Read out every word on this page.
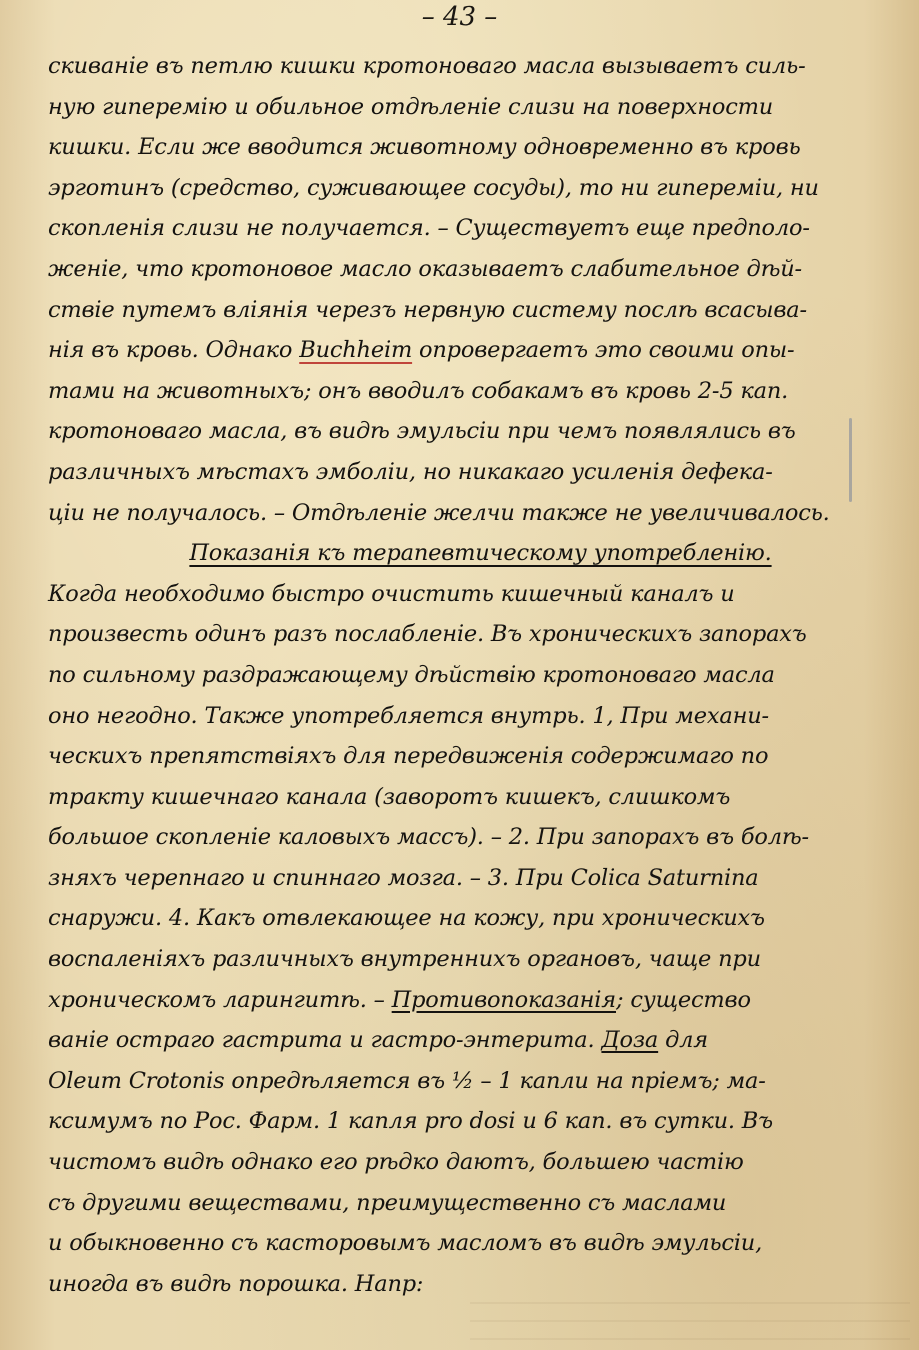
– 43 –
скиваніе въ петлю кишки кротоноваго масла вызываетъ силь-
ную гиперемію и обильное отдѣленіе слизи на поверхности
кишки. Если же вводится животному одновременно въ кровь
эрготинъ (средство, суживающее сосуды), то ни гипереміи, ни
скопленія слизи не получается. – Существуетъ еще предполо-
женіе, что кротоновое масло оказываетъ слабительное дѣй-
ствіе путемъ вліянія черезъ нервную систему послѣ всасыва-
нія въ кровь. Однако Buchheim опровергаетъ это своими опы-
тами на животныхъ; онъ вводилъ собакамъ въ кровь 2-5 кап.
кротоноваго масла, въ видѣ эмульсіи при чемъ появлялись въ
различныхъ мѣстахъ эмболіи, но никакаго усиленія дефека-
ціи не получалось. – Отдѣленіе желчи также не увеличивалось.
Показанія къ терапевтическому употребленію.
Когда необходимо быстро очистить кишечный каналъ и
произвесть одинъ разъ послабленіе. Въ хроническихъ запорахъ
по сильному раздражающему дѣйствію кротоноваго масла
оно негодно. Также употребляется внутрь. 1, При механи-
ческихъ препятствіяхъ для передвиженія содержимаго по
тракту кишечнаго канала (заворотъ кишекъ, слишкомъ
большое скопленіе каловыхъ массъ). – 2. При запорахъ въ болѣ-
зняхъ черепнаго и спиннаго мозга. – 3. При Colica Saturnina
снаружи. 4. Какъ отвлекающее на кожу, при хроническихъ
воспаленіяхъ различныхъ внутреннихъ органовъ, чаще при
хроническомъ ларингитѣ. – Противопоказанія; существо
ваніе остраго гастрита и гастро-энтерита. Доза для
Oleum Crotonis опредѣляется въ ½ – 1 капли на пріемъ; ма-
ксимумъ по Рос. Фарм. 1 капля pro dosi и 6 кап. въ сутки. Въ
чистомъ видѣ однако его рѣдко даютъ, большею частію
съ другими веществами, преимущественно съ маслами
и обыкновенно съ касторовымъ масломъ въ видѣ эмульсіи,
иногда въ видѣ порошка. Напр:
